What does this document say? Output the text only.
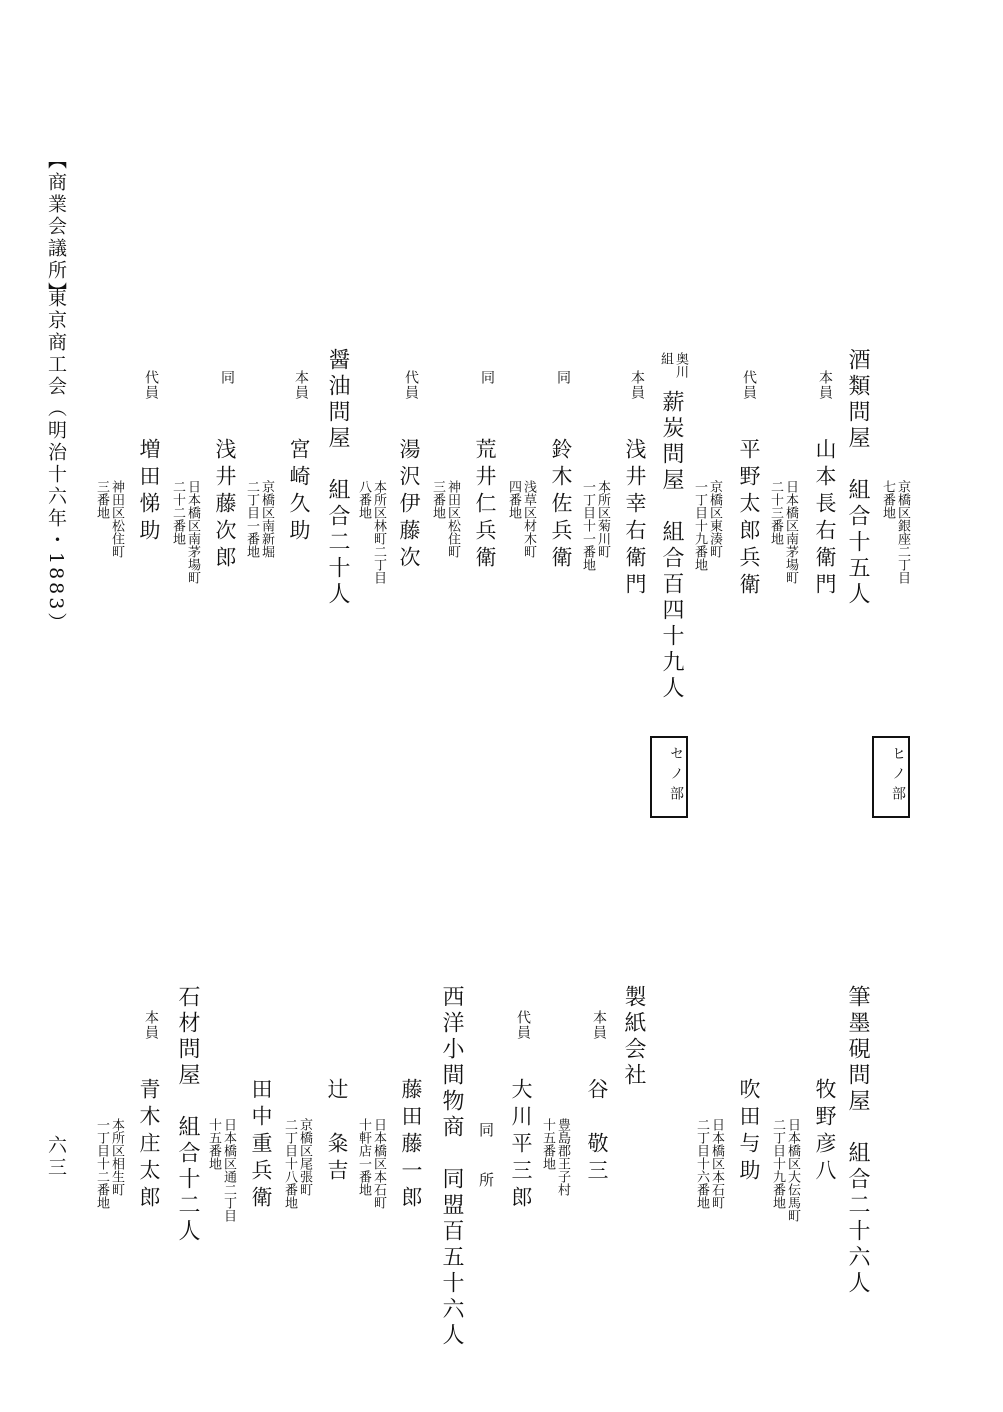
【商業会議所】
東京商工会（明治十六年・1883）
六三
ヒノ部
セノ部
京橋区銀座二丁目
七番地
酒類問屋　組合十五人
本員
山本長右衛門
日本橋区南茅場町
二十三番地
代員
平野太郎兵衛
京橋区東湊町
一丁目十九番地
奥川
組
薪炭問屋　組合百四十九人
本員
浅井幸右衛門
本所区菊川町
一丁目十一番地
同
鈴木佐兵衛
浅草区材木町
四番地
同
荒井仁兵衛
神田区松住町
三番地
代員
湯沢伊藤次
本所区林町二丁目
八番地
醤油問屋　組合二十人
本員
宮崎久助
京橋区南新堀
二丁目一番地
同
浅井藤次郎
日本橋区南茅場町
二十二番地
代員
増田悌助
神田区松住町
三番地
筆墨硯問屋　組合二十六人
牧野彦八
日本橋区大伝馬町
二丁目十九番地
吹田与助
日本橋区本石町
二丁目十六番地
製紙会社
本員
谷　敬三
豊島郡王子村
十五番地
代員
大川平三郎
同　所
西洋小間物商　同盟百五十六人
藤田藤一郎
日本橋区本石町
十軒店一番地
辻　粂吉
京橋区尾張町
二丁目十八番地
田中重兵衛
日本橋区通二丁目
十五番地
石材問屋　組合十二人
本員
青木庄太郎
本所区相生町
一丁目十二番地
